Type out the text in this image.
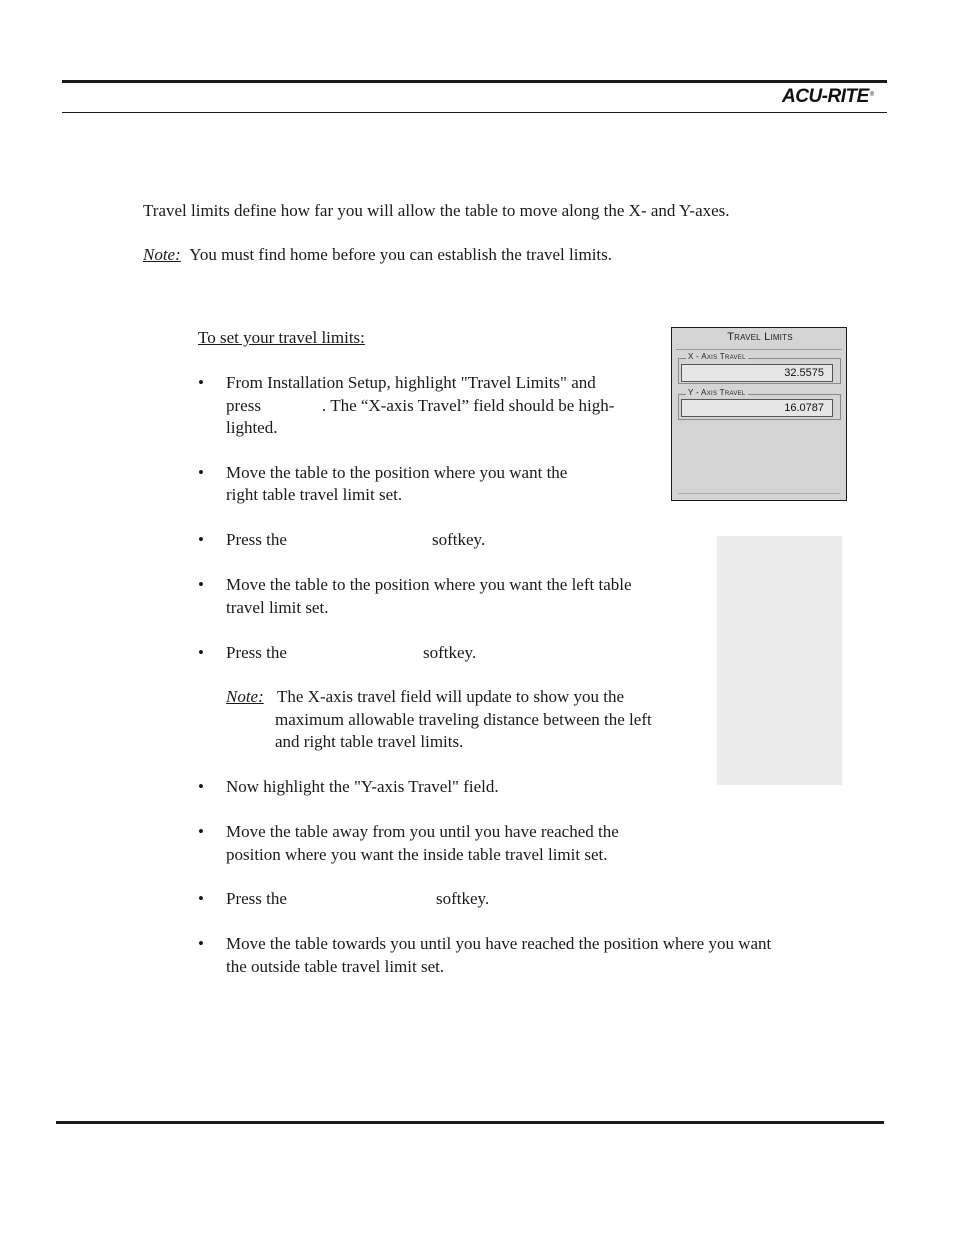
ACU-RITE®
Travel limits define how far you will allow the table to move along the X- and Y-axes.
Note: You must find home before you can establish the travel limits.
To set your travel limits:
• From Installation Setup, highlight "Travel Limits" and
press	. The “X-axis Travel” field should be high-
lighted.
• Move the table to the position where you want the
right table travel limit set.
• Press the	softkey.
• Move the table to the position where you want the left table
travel limit set.
• Press the	softkey.
Note: The X-axis travel field will update to show you the
maximum allowable traveling distance between the left
and right table travel limits.
• Now highlight the "Y-axis Travel" field.
• Move the table away from you until you have reached the
position where you want the inside table travel limit set.
• Press the	softkey.
• Move the table towards you until you have reached the position where you want
the outside table travel limit set.
Travel Limits
X - Axis Travel
32.5575
Y - Axis Travel
16.0787
